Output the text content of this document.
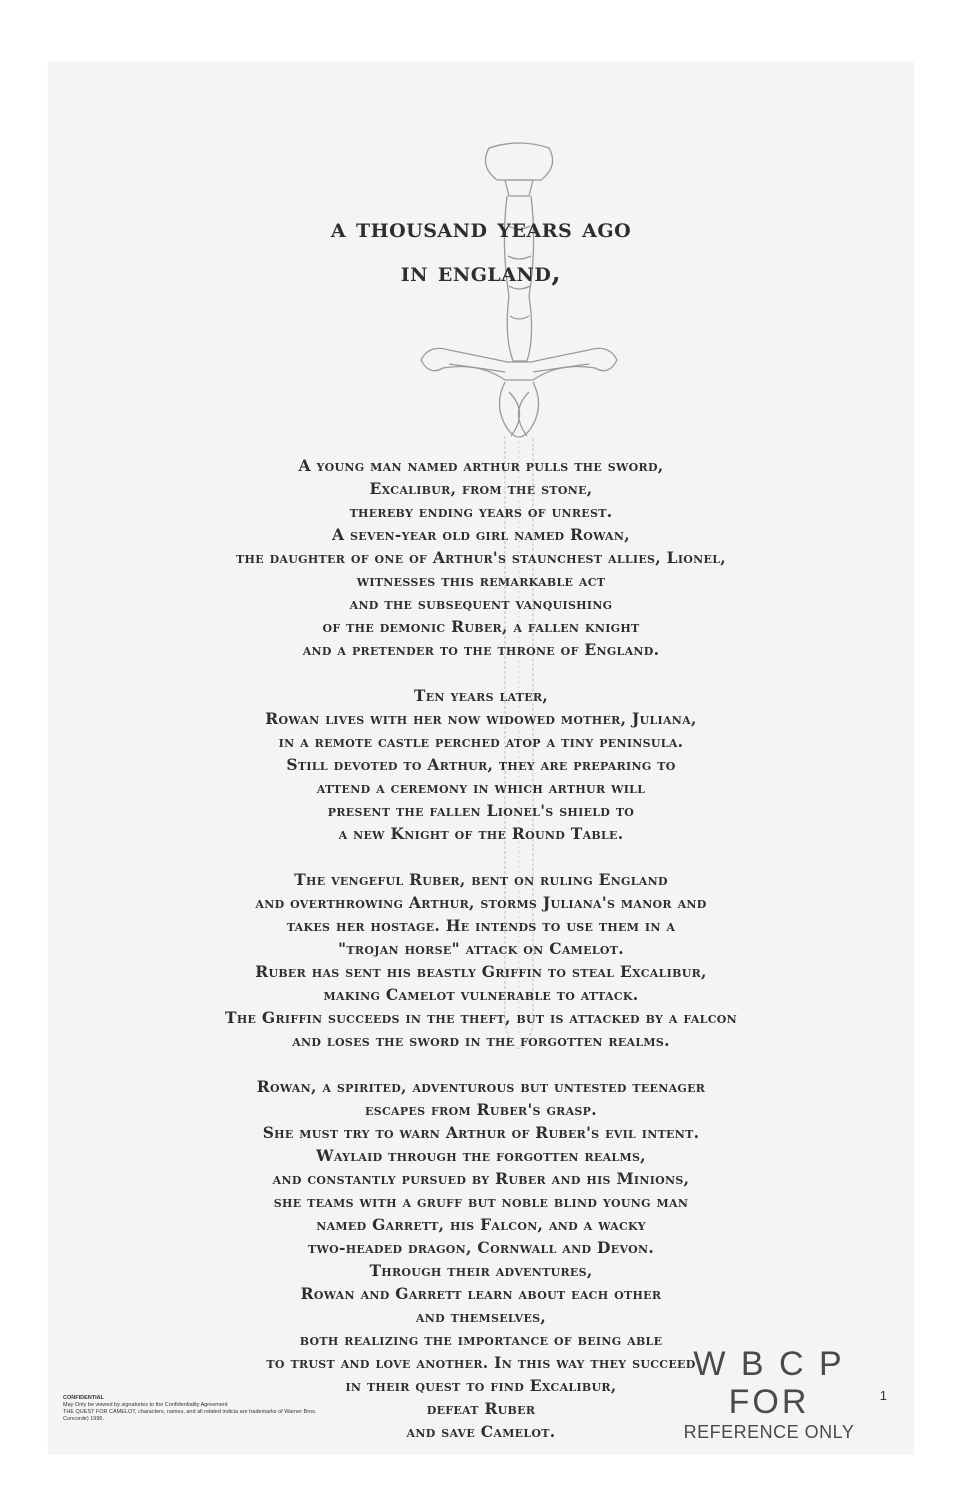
a thousand years ago
in england,
A young man named arthur pulls the sword,
Excalibur, from the stone,
thereby ending years of unrest.
A seven-year old girl named Rowan,
the daughter of one of Arthur's staunchest allies, Lionel,
witnesses this remarkable act
and the subsequent vanquishing
of the demonic Ruber, a fallen knight
and a pretender to the throne of England.
Ten years later,
Rowan lives with her now widowed mother, Juliana,
in a remote castle perched atop a tiny peninsula.
Still devoted to Arthur, they are preparing to
attend a ceremony in which arthur will
present the fallen Lionel's shield to
a new Knight of the Round Table.
The vengeful Ruber, bent on ruling England
and overthrowing Arthur, storms Juliana's manor and
takes her hostage. He intends to use them in a
"trojan horse" attack on Camelot.
Ruber has sent his beastly Griffin to steal Excalibur,
making Camelot vulnerable to attack.
The Griffin succeeds in the theft, but is attacked by a falcon
and loses the sword in the forgotten realms.
Rowan, a spirited, adventurous but untested teenager
escapes from Ruber's grasp.
She must try to warn Arthur of Ruber's evil intent.
Waylaid through the forgotten realms,
and constantly pursued by Ruber and his Minions,
she teams with a gruff but noble blind young man
named Garrett, his Falcon, and a wacky
two-headed dragon, Cornwall and Devon.
Through their adventures,
Rowan and Garrett learn about each other
and themselves,
both realizing the importance of being able
to trust and love another. In this way they succeed
in their quest to find Excalibur,
defeat Ruber
and save Camelot.
W B C P FOR
REFERENCE ONLY
CONFIDENTIAL
May Only be viewed by signatories to the Confidentiality Agreement
THE QUEST FOR CAMELOT, characters, names, and all related indicia are trademarks of Warner Bros.
Concorde) 1996.
1
